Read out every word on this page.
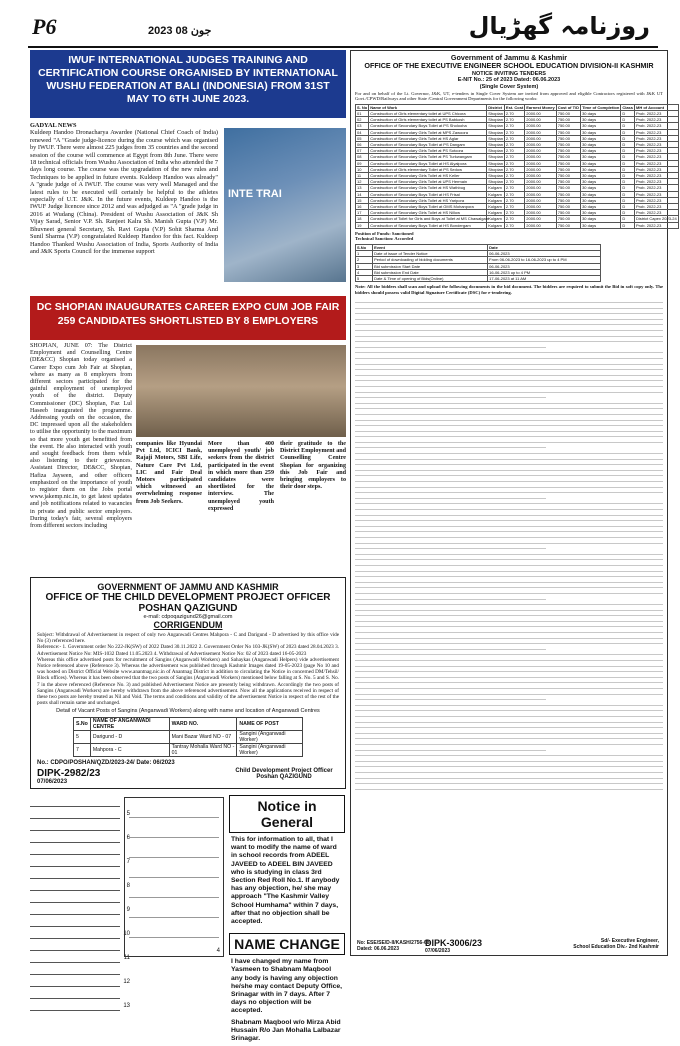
P6	2023 جون 08	روزنامہ گھڑیال
IWUF INTERNATIONAL JUDGES TRAINING AND CERTIFICATION COURSE ORGANISED BY INTERNATIONAL WUSHU FEDERATION AT BALI (INDONESIA) FROM 31ST MAY TO 6TH JUNE 2023.
GADYAL NEWS
Kuldeep Handoo Dronacharya Awardee (National Chief Coach of India) renewed "A "Grade judge-licence during the course which was organised by IWUF. There were almost 225 judges from 35 countries and the second session of the course will commence at Egypt from 8th June. There were 18 technical officials from Wushu Association of India who attended the 7 days long course. The course was the upgradation of the new rules and Techniques to be applied in future events. Kuldeep Handoo was already" A "grade judge of A IWUF. The course was very well Managed and the latest rules to be executed will certainly be helpful to the athletes especially of U.T. J&K. In the future events, Kuldeep Handoo is the IWUF Judge licencee since 2012 and was adjudged as "A "grade judge in 2016 at Wudang (China). President of Wushu Association of J&K Sh Vijay Sarad, Senior V.P. Sh. Ranjeet Kalra Sh. Manish Gupta (V.P) Mr. Bhuvneet general Secretary, Sh. Ravi Gupta (V.P) Sohit Sharma And Sunil Sharma (V.P) congratulated Kuldeep Handoo for this fact. Kuldeep Handoo Thanked Wushu Association of India, Sports Authority of India and J&K Sports Council for the immense support
INTE TRAI
DC SHOPIAN INAUGURATES CAREER EXPO CUM JOB FAIR 259 CANDIDATES SHORTLISTED BY 8 EMPLOYERS
SHOPIAN, JUNE 07: The District Employment and Counselling Centre (DE&CC) Shopian today organised a Career Expo cum Job Fair at Shopian, where as many as 8 employers from different sectors participated for the gainful employment of unemployed youth of the district. Deputy Commissioner (DC) Shopian, Faz Lul Haseeb inaugurated the programme. Addressing youth on the occasion, the DC impressed upon all the stakeholders to utilise the opportunity to the maximum so that more youth get benefitted from the event. He also interacted with youth and sought feedback from them while also listening to their grievances. Assistant Director, DE&CC, Shopian, Hafiza Jayseen, and other officers emphasized on the importance of youth to register them on the Jobs portal www.jakemp.nic.in, to get latest updates and job notifications related to vacancies in private and public sector employers. During today's fair, several employers from different sectors including
companies like Hyundai Pvt Ltd, ICICI Bank, Rajaji Motors, SBI Life, Nature Care Pvt Ltd, LIC and Fair Deal Motors participated which witnessed an overwhelming response from Job Seekers.
More than 400 unemployed youth/ job seekers from the district participated in the event in which more than 259 candidates were shortlisted for the interview. The unemployed youth expressed
their gratitude to the District Employment and Counselling Centre Shopian for organizing this Job Fair and bringing employers to their door steps.
GOVERNMENT OF JAMMU AND KASHMIR
OFFICE OF THE CHILD DEVELOPMENT PROJECT OFFICER POSHAN QAZIGUND
e-mail: cdpoqazigund26@gmail.com
CORRIGENDUM
Subject: Withdrawal of Advertisement in respect of only two Anganwadi Centres Mahpora - C and Darigund - D advertised by this office vide No (3) referenced here.
Reference:- 1. Government order No 222-JK(SW) of 2022 Dated 30.11.2022 2. Government Order No 103-JK(SW) of 2023 dated 28.04.2023 3. Advertisement Notice No: MIS-1032 Dated 11.05.2023 4. Withdrawal of Advertisement Notice No: 02 of 2023 dated 16-05-2023
Whereas this office advertised posts for recruitment of Sangins (Anganwadi Workers) and Sahaykas (Anganwadi Helpers) vide advertisement Notice referenced above (Reference 3). Whereas the advertisement was published through Kashmir Images dated 19-05-2023 (page No 10 and was hosted on District Official Website www.anantnag.nic.in of Anantnag District in addition to circulating the Notice in concerned DM/Tehsil/ Block offices). Whereas it has been observed that the two posts of Sangins (Anganwadi Workers) mentioned below falling at S. No. 5 and S. No. 7 in the above referenced (Reference No. 3) and published Advertisement Notice are presently being withdrawn. Accordingly the two posts of Sangins (Anganwadi Workers) are hereby withdrawn from the above referenced advertisement. Now all the applications received in respect of these two posts are hereby treated as Nil and Void. The terms and conditions and validity of the advertisement Notice in respect of the rest of the posts shall remain same and unchanged.
Detail of Vacant Posts of Sangins (Anganwadi Workers) along with name and location of Anganwadi Centres
S.No	NAME OF ANGANWADI CENTRE	WARD NO.	NAME OF POST
5	Darigund - D	Mani Bazar Ward NO - 07	Sangini (Anganwadi Worker)
7	Mahpora - C	Tantray Mohalla Ward NO - 01	Sangini (Anganwadi Worker)
No.: CDPO/POSHAN/QZD/2023-24/ Date: 06/2023
DIPK-2982/23
07/06/2023
Child Development Project Officer Poshan QAZIGUND
5
6
7
8
9
10
11
12
13
4
Notice in General
This for information to all, that I want to modify the name of ward in school records from ADEEL JAVEED to ADEEL BIN JAVEED who is studying in class 3rd Section Red Roll No.1. If anybody has any objection, he/ she may approach "The Kashmir Valley School Humhama" within 7 days, after that no objection shall be accepted.
NAME CHANGE
I have changed my name from Yasmeen to Shabnam Maqbool any body is having any objection he/she may contact Deputy Office, Srinagar with in 7 days. After 7 days no objection will be accepted.
Shabnam Maqbool w/o Mirza Abid Hussain R/o Jan Mohalla Lalbazar Srinagar.
Government of Jammu & Kashmir
OFFICE OF THE EXECUTIVE ENGINEER SCHOOL EDUCATION DIVISION-II KASHMIR
NOTICE INVITING TENDERS
E-NIT No.: 25 of 2023 Dated: 06.06.2023
(Single Cover System)
For and on behalf of the Lt. Governor, J&K, UT, e-tenders in Single Cover System are invited from approved and eligible Contractors registered with J&K UT Govt./CPWD/Railways and other State /Central Government Departments for the following works:
S. No	Name of Work	District	Est. Cost	Earnest Money	Cost of T/D	Time of Completion	Class	MH of Account
01	Construction of Girls elementary toilet at UPS Chicora	Shopian	2.70	2000.00	750.00	30 days	D	Prob. 2022-23
02	Construction of Girls elementary toilet at PS Babkosh	Shopian	2.70	2000.00	750.00	30 days	D	Prob. 2022-23
03	Construction of Secondary Boys Toilet at PS Sholooha	Shopian	2.70	2000.00	750.00	30 days	D	Prob. 2022-23
04	Construction of Secondary Girls Toilet at MPS Zawoora	Shopian	2.70	2000.00	750.00	30 days	D	Prob. 2022-23
05	Construction of Secondary Girls Toilet at HS Aglar	Shopian	2.70	2000.00	750.00	30 days	D	Prob. 2022-23
06	Construction of Secondary Boys Toilet at PS Dangam	Shopian	2.70	2000.00	750.00	30 days	D	Prob. 2022-23
07	Construction of Secondary Girls Toilet at PS Sotoora	Shopian	2.70	2000.00	750.00	30 days	D	Prob. 2022-23
08	Construction of Secondary Girls Toilet at PS Turkwangam	Shopian	2.70	2000.00	750.00	30 days	D	Prob. 2022-23
09	Construction of Secondary Boys Toilet at HS Alyalpora	Shopian	2.70	2000.00	750.00	30 days	D	Prob. 2022-23
10	Construction of Girls elementary Toilet at PS Sedow	Shopian	2.70	2000.00	750.00	30 days	D	Prob. 2022-23
11	Construction of Secondary Girls Toilet at HS Keller	Shopian	2.70	2000.00	750.00	30 days	D	Prob. 2022-23
12	Construction of Secondary Girls Toilet at UPS Hermain	Shopian	2.70	2000.00	750.00	30 days	D	Prob. 2022-23
13	Construction of Secondary Girls Toilet at HS Wathbug	Kulgam	2.70	2000.00	750.00	30 days	D	Prob. 2022-23
14	Construction of Secondary Boys Toilet at HS Frisal	Kulgam	2.70	2000.00	750.00	30 days	D	Prob. 2022-23
15	Construction of Secondary Girls Toilet at HS Yaripora	Kulgam	2.70	2000.00	750.00	30 days	D	Prob. 2022-23
16	Construction of Secondary Boys Toilet at GMS Mohanpora	Kulgam	2.70	2000.00	750.00	30 days	D	Prob. 2022-23
17	Construction of Secondary Girls Toilet at HS Nillow	Kulgam	2.70	2000.00	750.00	30 days	D	Prob. 2022-23
18	Construction of Toilet for Girls and Boys at Toilet at MS Chawalgam	Kulgam	2.70	2000.00	750.00	30 days	D	District Capex 2023-24
19	Construction of Secondary Boys Toilet at HS Bondergam	Kulgam	2.70	2000.00	750.00	30 days	D	Prob. 2022-23
Position of Funds: Sanctioned
Technical Sanction: Accorded
S.No	Event	Date
1	Date of issue of Tender Notice	06-06-2023
2	Period of downloading of bidding documents	From 06-06-2023 to 16-06-2023 up to 4 PM
3	Bid submission Start Date	06-06-2023
4	Bid submission End Date	16-06-2023 up to 4 PM
5	Date & Time of opening of Bids(Online)	17-06-2023 at 11 AM
Note: All the bidders shall scan and upload the following documents in the bid document. The bidders are required to submit the Bid in soft copy only. The bidders should possess valid Digital Signature Certificate (DSC) for e-tendering.
No: ESE/SE/D-II/KASH/2756-68
Dated: 06.06.2023
DIPK-3006/23
07/06/2023
Sd/- Executive Engineer,
School Education Div.- 2nd Kashmir
